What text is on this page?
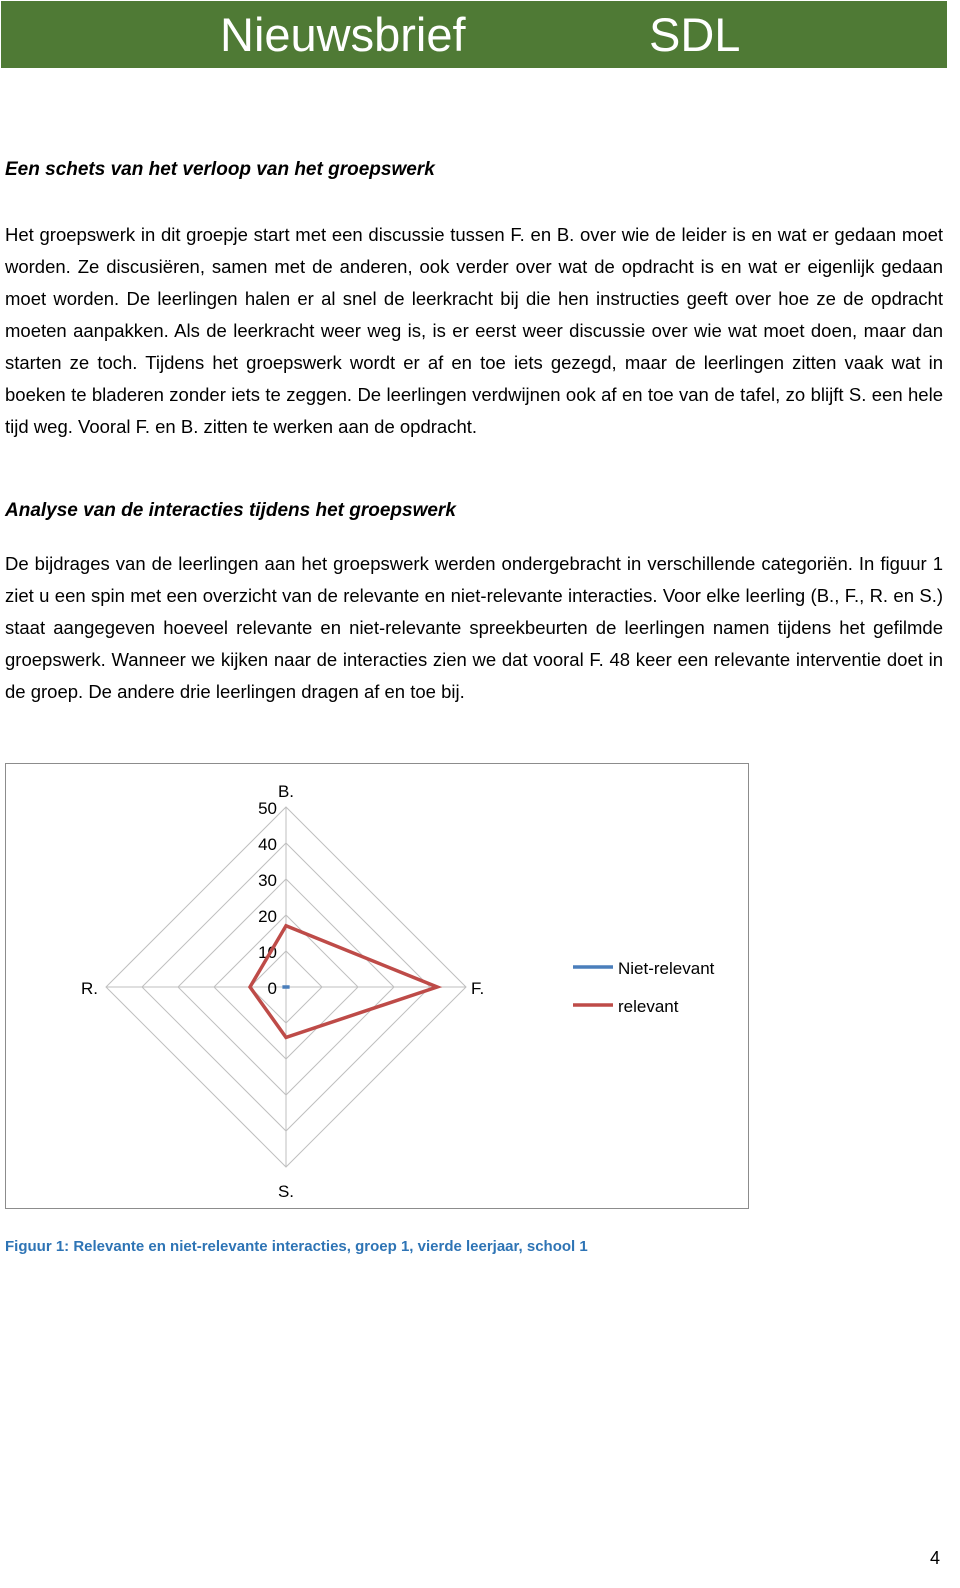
Nieuwsbrief	SDL
Een schets van het verloop van het groepswerk
Het groepswerk in dit groepje start met een discussie tussen F. en B. over wie de leider is en wat er gedaan moet worden. Ze discusiëren, samen met de anderen, ook verder over wat de opdracht is en wat er eigenlijk gedaan moet worden. De leerlingen halen er al snel de leerkracht bij die hen instructies geeft over hoe ze de opdracht moeten aanpakken. Als de leerkracht weer weg is, is er eerst weer discussie over wie wat moet doen, maar dan starten ze toch. Tijdens het groepswerk wordt er af en toe iets gezegd, maar de leerlingen zitten vaak wat in boeken te bladeren zonder iets te zeggen. De leerlingen verdwijnen ook af en toe van de tafel, zo blijft S. een hele tijd weg. Vooral F. en B. zitten te werken aan de opdracht.
Analyse van de interacties tijdens het groepswerk
De bijdrages van de leerlingen aan het groepswerk werden ondergebracht in verschillende categoriën. In figuur 1 ziet u een spin met een overzicht van de relevante en niet-relevante interacties. Voor elke leerling (B., F., R. en S.) staat aangegeven hoeveel relevante en niet-relevante spreekbeurten de leerlingen namen tijdens het gefilmde groepswerk. Wanneer we kijken naar de interacties zien we dat vooral F. 48 keer een relevante interventie doet in de groep. De andere drie leerlingen dragen af en toe bij.
0
10
20
30
40
50
B.
F.
S.
R.
Niet-relevant
relevant
Figuur 1: Relevante en niet-relevante interacties, groep 1, vierde leerjaar, school 1
4
